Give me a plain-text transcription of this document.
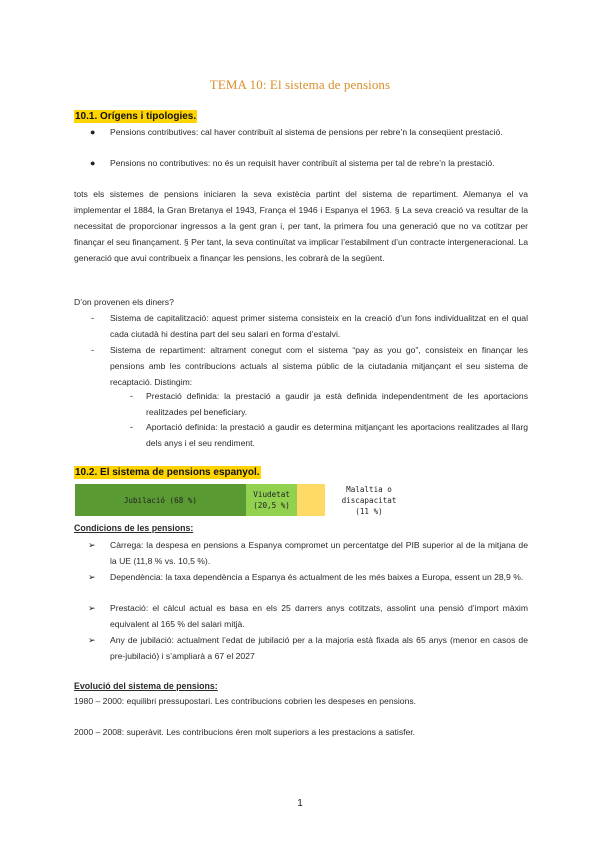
TEMA 10: El sistema de pensions
10.1. Orígens i tipologies.
● Pensions contributives: cal haver contribuït al sistema de pensions per rebre’n la conseqüent prestació.
● Pensions no contributives: no és un requisit haver contribuït al sistema per tal de rebre’n la prestació.
tots els sistemes de pensions iniciaren la seva existècia partint del sistema de repartiment. Alemanya el va implementar el 1884, la Gran Bretanya el 1943, França el 1946 i Espanya el 1963. § La seva creació va resultar de la necessitat de proporcionar ingressos a la gent gran i, per tant, la primera fou una generació que no va cotitzar per finançar el seu finançament. § Per tant, la seva continuïtat va implicar l’estabilment d’un contracte intergeneracional. La generació que avui contribueix a finançar les pensions, les cobrarà de la següent.
D’on provenen els diners?
- Sistema de capitalització: aquest primer sistema consisteix en la creació d’un fons individualitzat en el qual cada ciutadà hi destina part del seu salari en forma d’estalvi.
- Sistema de repartiment: altrament conegut com el sistema “pay as you go”, consisteix en finançar les pensions amb les contribucions actuals al sistema públic de la ciutadania mitjançant el seu sistema de recaptació. Distingim:
- Prestació definida: la prestació a gaudir ja està definida independentment de les aportacions realitzades pel beneficiary.
- Aportació definida: la prestació a gaudir es determina mitjançant les aportacions realitzades al llarg dels anys i el seu rendiment.
10.2. El sistema de pensions espanyol.
Jubilació (68 %)
Viudetat
(20,5 %)
Malaltia o
discapacitat
(11 %)
Condicions de les pensions:
➢ Càrrega: la despesa en pensions a Espanya compromet un percentatge del PIB superior al de la mitjana de la UE (11,8 % vs. 10,5 %).
➢ Dependència: la taxa dependència a Espanya és actualment de les més baixes a Europa, essent un 28,9 %.
➢ Prestació: el càlcul actual es basa en els 25 darrers anys cotitzats, assolint una pensió d’import màxim equivalent al 165 % del salari mitjà.
➢ Any de jubilació: actualment l’edat de jubilació per a la majoria està fixada als 65 anys (menor en casos de pre-jubilació) i s’ampliarà a 67 el 2027
Evolució del sistema de pensions:
1980 – 2000: equilibri pressupostari. Les contribucions cobrien les despeses en pensions.
2000 – 2008: superàvit. Les contribucions éren molt superiors a les prestacions a satisfer.
1
